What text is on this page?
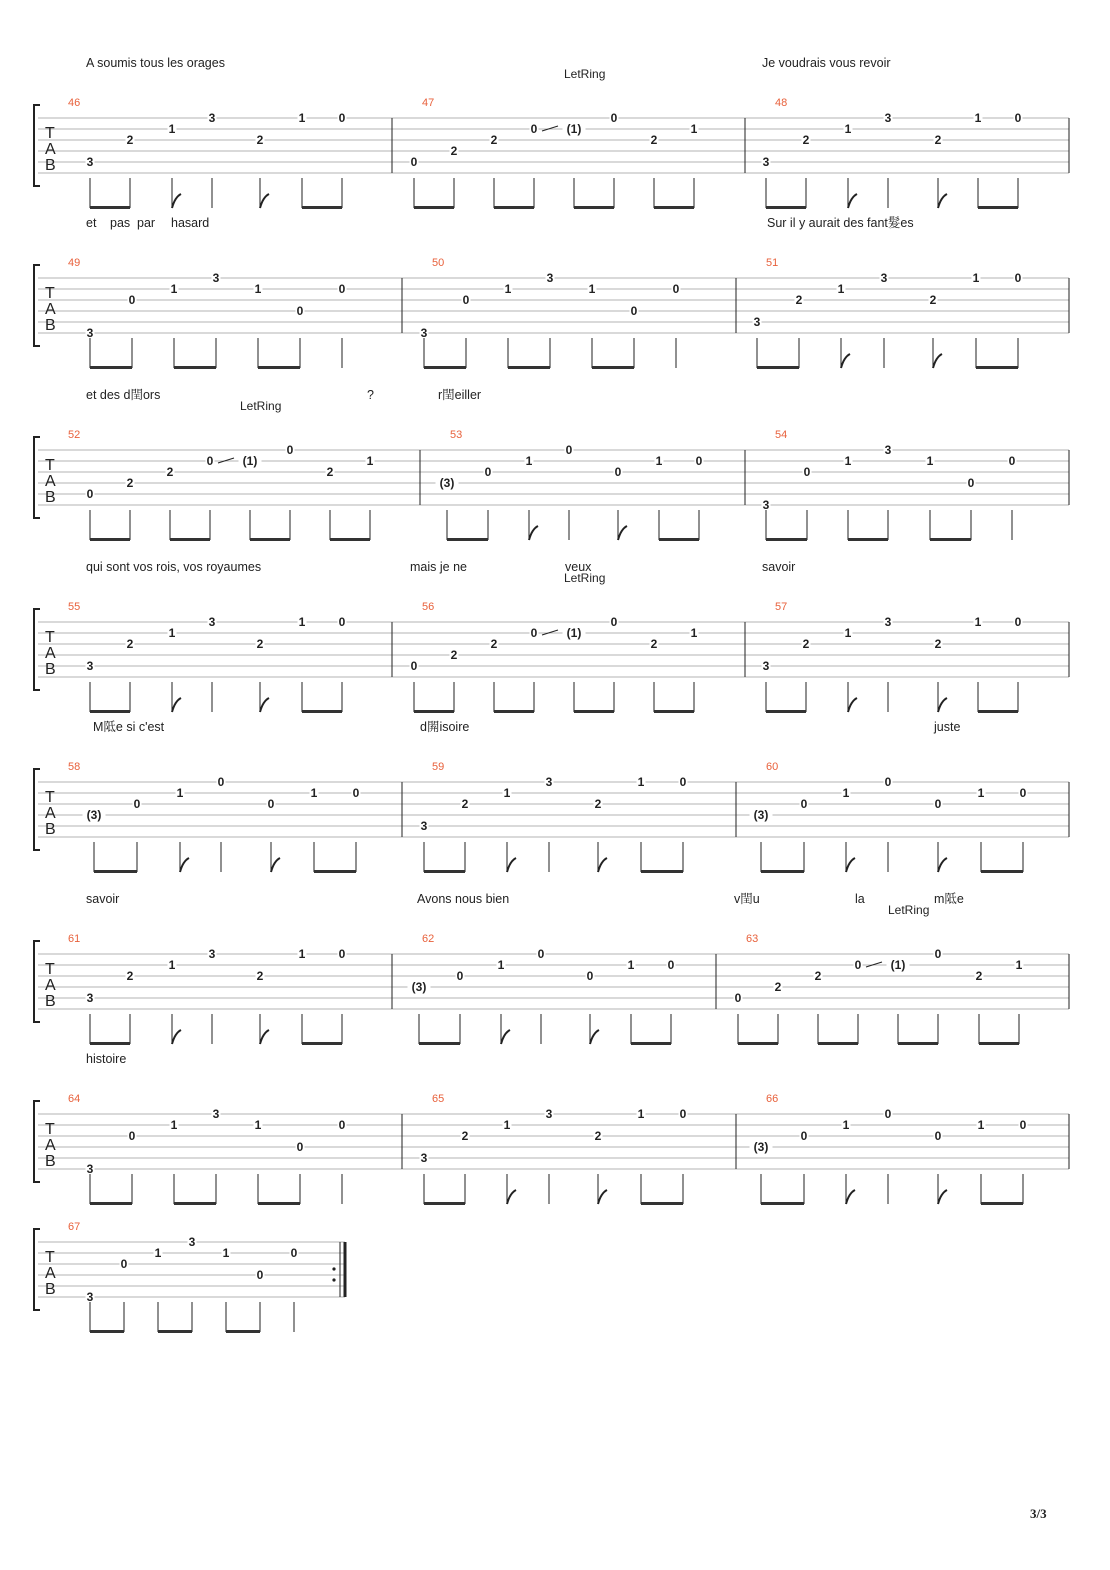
A soumis tous les orages	Je voudrais vous revoir
T
A
B
46
3
2
1
3
2
1	0
47
LetRing
0
2
2
0 (1)
0
2
1
48
3
2
1
3
2
1	0
et pas par hasard	Sur il y aurait des fant髮es
T
A
B
49
3
0
1
3
1
0
0
50
3
0
1
3
1
0
0
51
3
2
1
3
2
1	0
et des d閏ors	?	r閏eiller
T
A
B
52
LetRing
0
2
2
0 (1)
0
2
1
53
(3)
0
1
0
0
1	0
54
3
0
1
3
1
0
0
qui sont vos rois, vos royaumes	mais je ne	veux	savoir
T
A
B
55
3
2
1
3
2
1	0
56
LetRing
0
2
2
0 (1)
0
2
1
57
3
2
1
3
2
1	0
M阺e si c'est	d閞isoire	juste
T
A
B
58
(3)
0
1
0
0
1	0
59
3
2
1
3
2
1	0
60
(3)
0
1
0
0
1	0
savoir	Avons nous bien	v閏u	la	m阺e
T
A
B
61
3
2
1
3
2
1	0
62
(3)
0
1
0
0
1	0
63
LetRing
0
2
2
0 (1)
0
2
1
histoire
T
A
B
64
3
0
1
3
1
0
0
65
3
2
1
3
2
1	0
66
(3)
0
1
0
0
1	0
T
A
B
67
3
0
1
3
1
0
0
3/3
